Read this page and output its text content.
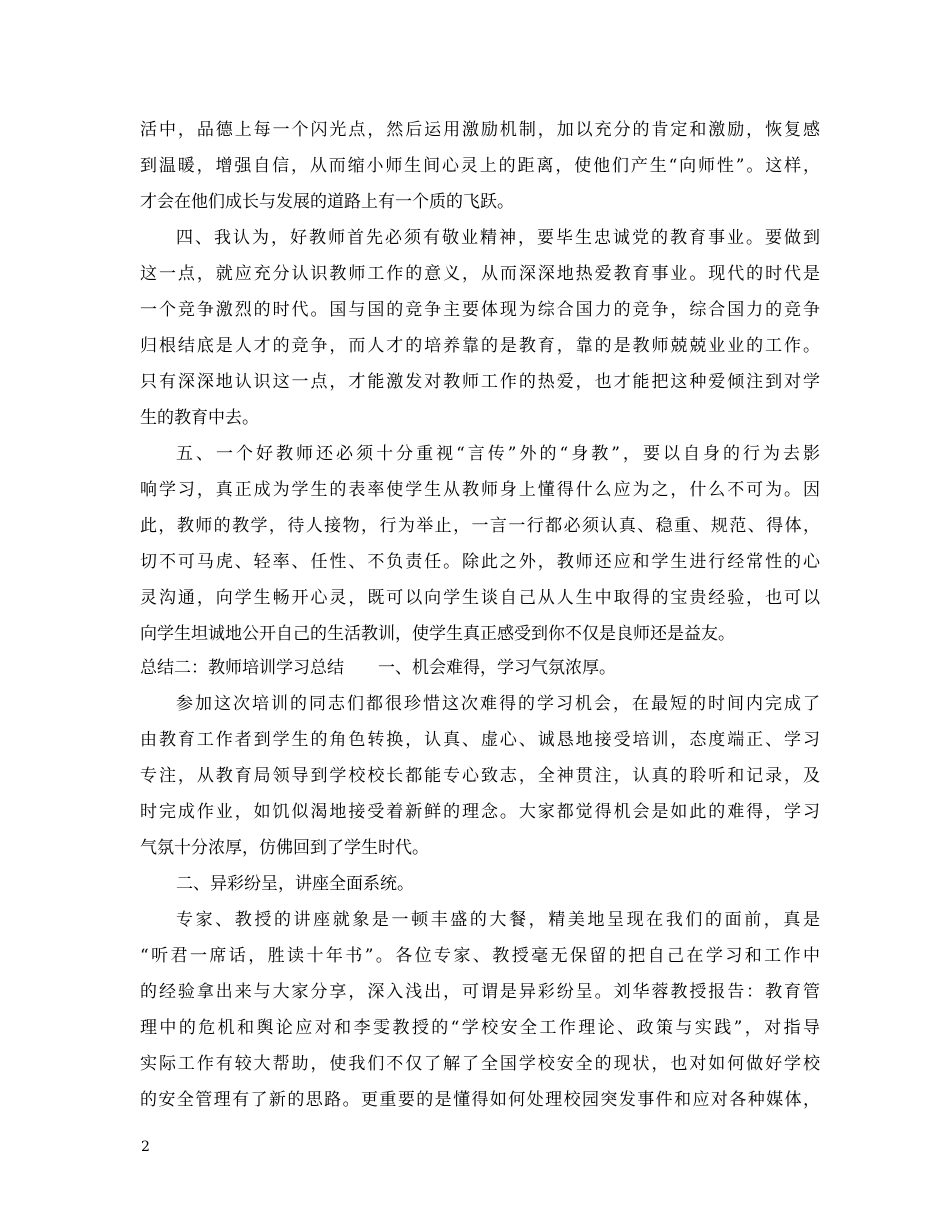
活中，品德上每一个闪光点，然后运用激励机制，加以充分的肯定和激励，恢复感
到温暖，增强自信，从而缩小师生间心灵上的距离，使他们产生“向师性”。这样，
才会在他们成长与发展的道路上有一个质的飞跃。
四、我认为，好教师首先必须有敬业精神，要毕生忠诚党的教育事业。要做到
这一点，就应充分认识教师工作的意义，从而深深地热爱教育事业。现代的时代是
一个竞争激烈的时代。国与国的竞争主要体现为综合国力的竞争，综合国力的竞争
归根结底是人才的竞争，而人才的培养靠的是教育，靠的是教师兢兢业业的工作。
只有深深地认识这一点，才能激发对教师工作的热爱，也才能把这种爱倾注到对学
生的教育中去。
五、一个好教师还必须十分重视“言传”外的“身教”，要以自身的行为去影
响学习，真正成为学生的表率使学生从教师身上懂得什么应为之，什么不可为。因
此，教师的教学，待人接物，行为举止，一言一行都必须认真、稳重、规范、得体，
切不可马虎、轻率、任性、不负责任。除此之外，教师还应和学生进行经常性的心
灵沟通，向学生畅开心灵，既可以向学生谈自己从人生中取得的宝贵经验，也可以
向学生坦诚地公开自己的生活教训，使学生真正感受到你不仅是良师还是益友。
总结二：教师培训学习总结　　一、机会难得，学习气氛浓厚。
参加这次培训的同志们都很珍惜这次难得的学习机会，在最短的时间内完成了
由教育工作者到学生的角色转换，认真、虚心、诚恳地接受培训，态度端正、学习
专注，从教育局领导到学校校长都能专心致志，全神贯注，认真的聆听和记录，及
时完成作业，如饥似渴地接受着新鲜的理念。大家都觉得机会是如此的难得，学习
气氛十分浓厚，仿佛回到了学生时代。
二、异彩纷呈，讲座全面系统。
专家、教授的讲座就象是一顿丰盛的大餐，精美地呈现在我们的面前，真是
“听君一席话，胜读十年书”。各位专家、教授毫无保留的把自己在学习和工作中
的经验拿出来与大家分享，深入浅出，可谓是异彩纷呈。刘华蓉教授报告：教育管
理中的危机和舆论应对和李雯教授的“学校安全工作理论、政策与实践”，对指导
实际工作有较大帮助，使我们不仅了解了全国学校安全的现状，也对如何做好学校
的安全管理有了新的思路。更重要的是懂得如何处理校园突发事件和应对各种媒体，
2
